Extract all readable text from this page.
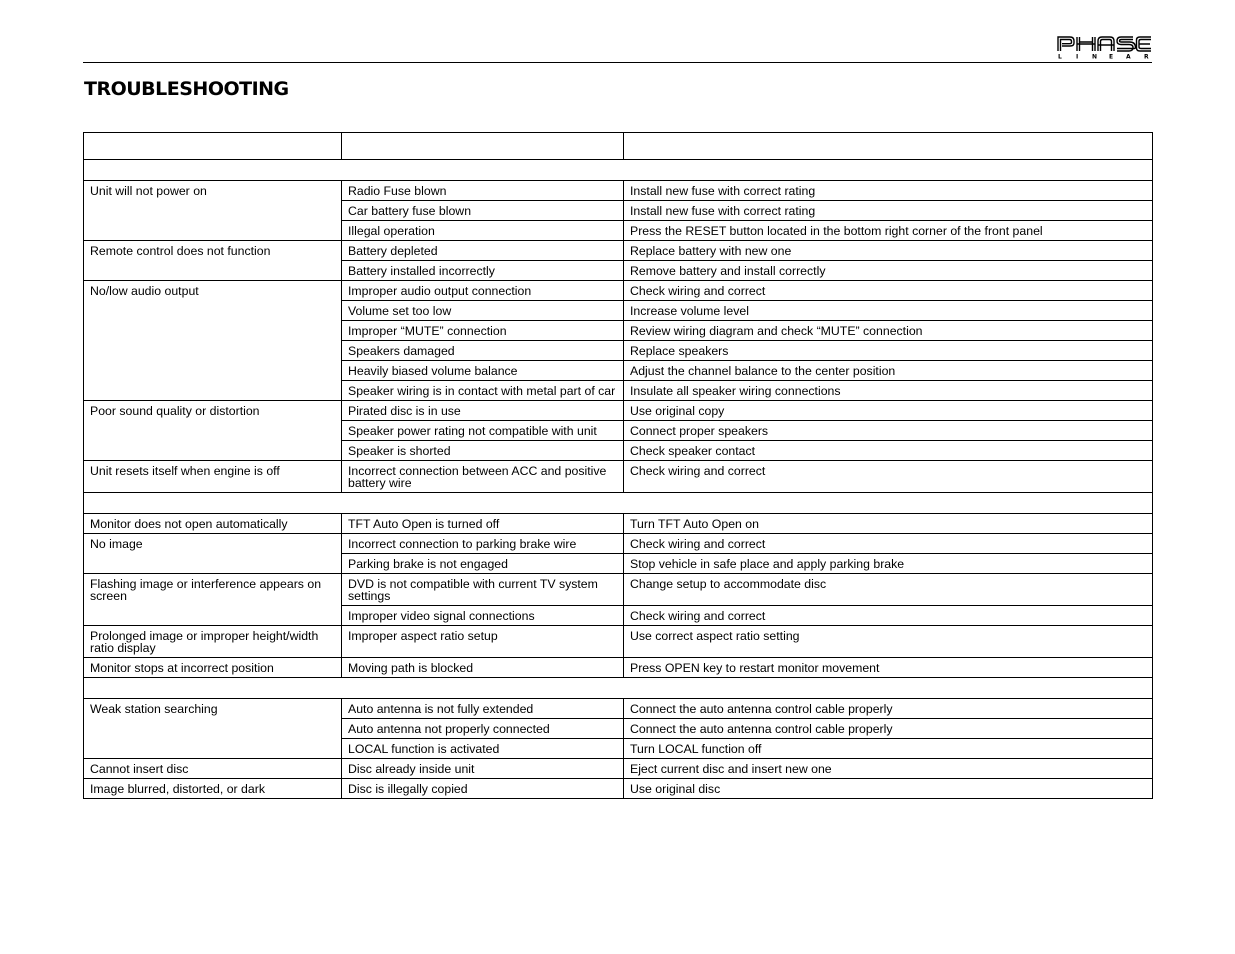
L I N E A R
TROUBLESHOOTING

Unit will not power on	Radio Fuse blown	Install new fuse with correct rating
	Car battery fuse blown	Install new fuse with correct rating
	Illegal operation	Press the RESET button located in the bottom right corner of the front panel
Remote control does not function	Battery depleted	Replace battery with new one
	Battery installed incorrectly	Remove battery and install correctly
No/low audio output	Improper audio output connection	Check wiring and correct
	Volume set too low	Increase volume level
	Improper “MUTE” connection	Review wiring diagram and check “MUTE” connection
	Speakers damaged	Replace speakers
	Heavily biased volume balance	Adjust the channel balance to the center position
	Speaker wiring is in contact with metal part of car	Insulate all speaker wiring connections
Poor sound quality or distortion	Pirated disc is in use	Use original copy
	Speaker power rating not compatible with unit	Connect proper speakers
	Speaker is shorted	Check speaker contact
Unit resets itself when engine is off	Incorrect connection between ACC and positive battery wire	Check wiring and correct

Monitor does not open automatically	TFT Auto Open is turned off	Turn TFT Auto Open on
No image	Incorrect connection to parking brake wire	Check wiring and correct
	Parking brake is not engaged	Stop vehicle in safe place and apply parking brake
Flashing image or interference appears on screen	DVD is not compatible with current TV system settings	Change setup to accommodate disc
	Improper video signal connections	Check wiring and correct
Prolonged image or improper height/width ratio display	Improper aspect ratio setup	Use correct aspect ratio setting
Monitor stops at incorrect position	Moving path is blocked	Press OPEN key to restart monitor movement

Weak station searching	Auto antenna is not fully extended	Connect the auto antenna control cable properly
	Auto antenna not properly connected	Connect the auto antenna control cable properly
	LOCAL function is activated	Turn LOCAL function off
Cannot insert disc	Disc already inside unit	Eject current disc and insert new one
Image blurred, distorted, or dark	Disc is illegally copied	Use original disc
